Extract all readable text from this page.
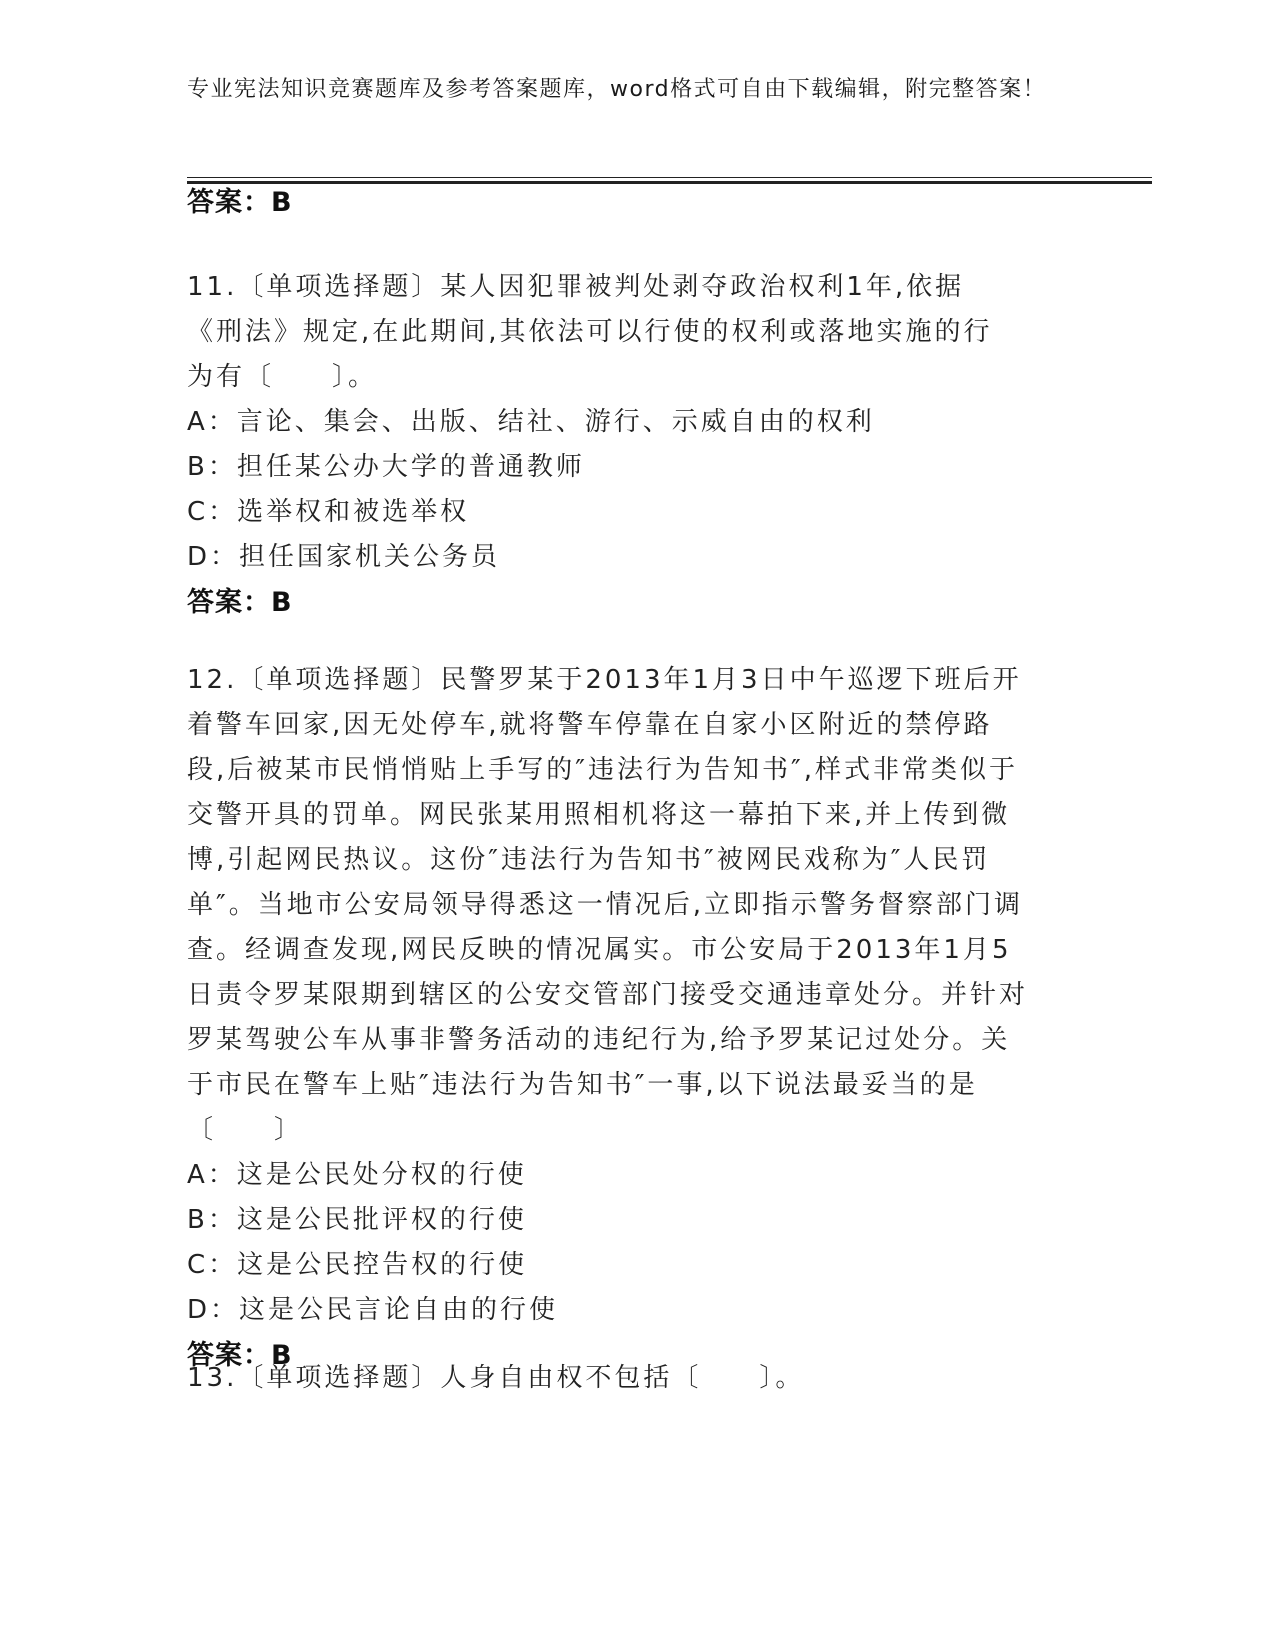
专业宪法知识竞赛题库及参考答案题库，word格式可自由下载编辑，附完整答案！

答案：B

11.〔单项选择题〕某人因犯罪被判处剥夺政治权利1年,依据《刑法》规定,在此期间,其依法可以行使的权利或落地实施的行为有〔　　〕。

A：言论、集会、出版、结社、游行、示威自由的权利

B：担任某公办大学的普通教师

C：选举权和被选举权

D：担任国家机关公务员

答案：B

12.〔单项选择题〕民警罗某于2013年1月3日中午巡逻下班后开着警车回家,因无处停车,就将警车停靠在自家小区附近的禁停路段,后被某市民悄悄贴上手写的″违法行为告知书″,样式非常类似于交警开具的罚单。网民张某用照相机将这一幕拍下来,并上传到微博,引起网民热议。这份″违法行为告知书″被网民戏称为″人民罚单″。当地市公安局领导得悉这一情况后,立即指示警务督察部门调查。经调查发现,网民反映的情况属实。市公安局于2013年1月5日责令罗某限期到辖区的公安交管部门接受交通违章处分。并针对罗某驾驶公车从事非警务活动的违纪行为,给予罗某记过处分。关于市民在警车上贴″违法行为告知书″一事,以下说法最妥当的是〔　　〕

A：这是公民处分权的行使

B：这是公民批评权的行使

C：这是公民控告权的行使

D：这是公民言论自由的行使

答案：B

13.〔单项选择题〕人身自由权不包括〔　　〕。
